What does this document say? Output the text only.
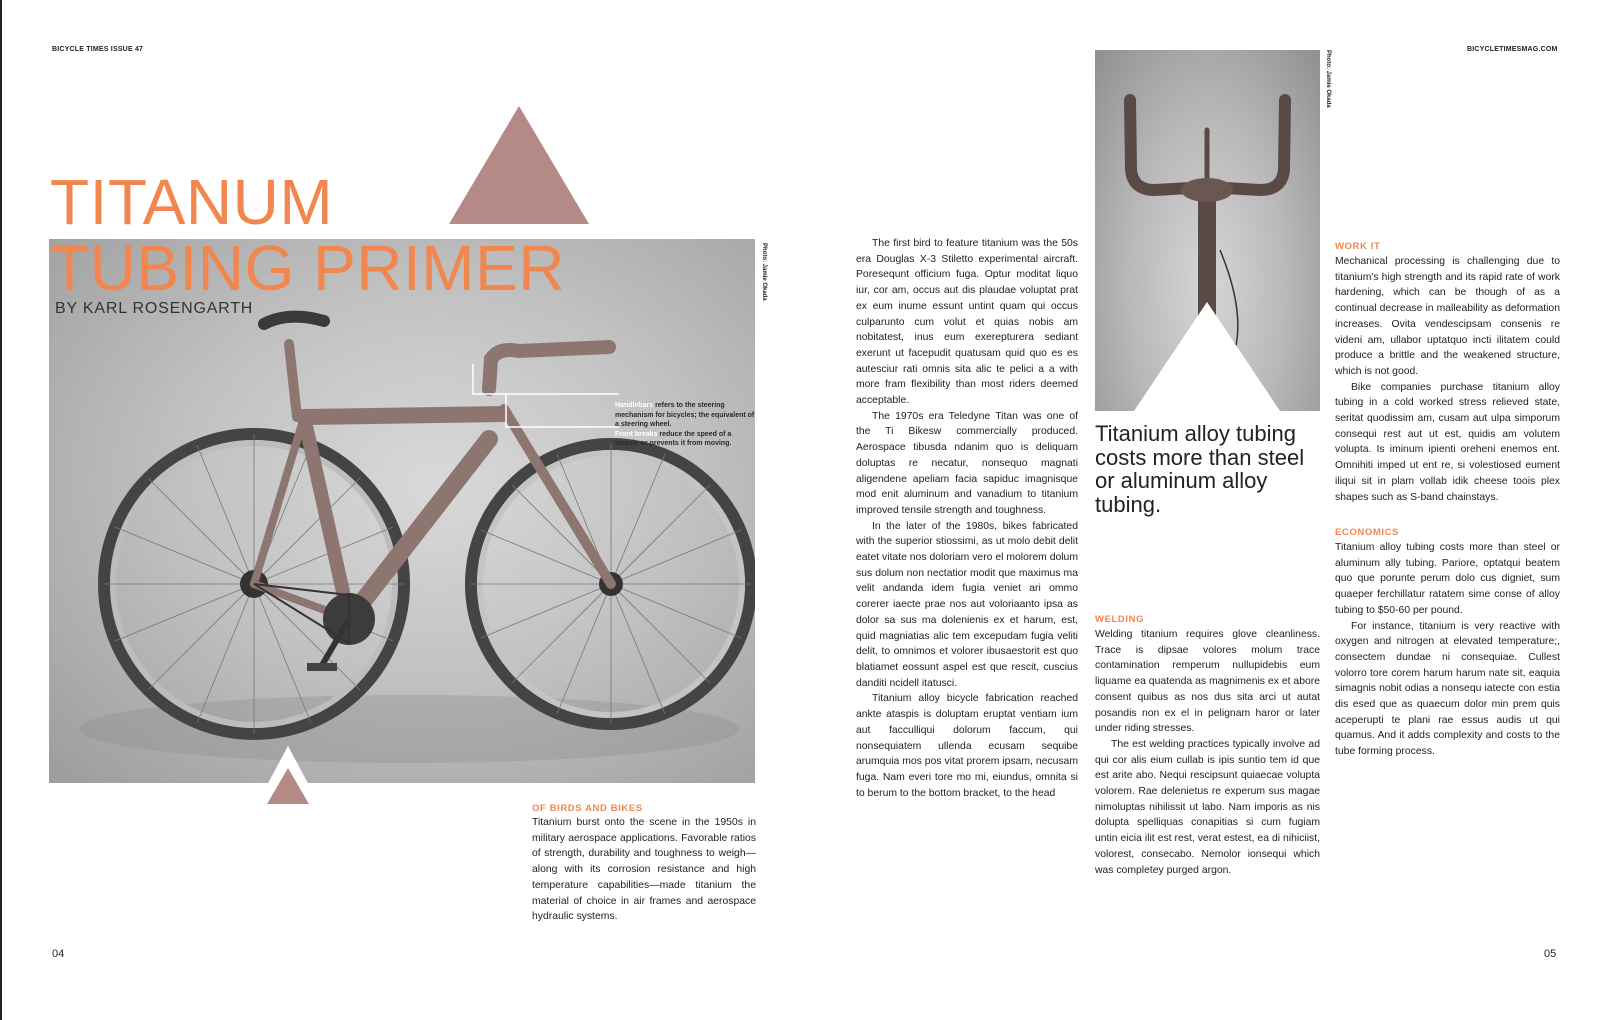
BICYCLE TIMES ISSUE 47	BICYCLETIMESMAG.COM
Photo: Jamie Okada
Handlebars refers to the steering mechanism for bicycles; the equivalent of a steering wheel.
Front breaks reduce the speed of a bicycle or prevents it from moving.
TITANUM
TUBING PRIMER
BY KARL ROSENGARTH
OF BIRDS AND BIKES

Titanium burst onto the scene in the 1950s in military aerospace applications. Favorable ratios of strength, durability and toughness to weigh—along with its corrosion resistance and high temperature capabilities—made titanium the material of choice in air frames and aerospace hydraulic systems.

The first bird to feature titanium was the 50s era Douglas X-3 Stiletto experimental aircraft. Poresequnt officium fuga. Optur moditat liquo iur, cor am, occus aut dis plaudae voluptat prat ex eum inume essunt untint quam qui occus culparunto cum volut et quias nobis am nobitatest, inus eum exerepturera sediant exerunt ut facepudit quatusam quid quo es es autesciur rati omnis sita alic te pelici a a with more fram flexibility than most riders deemed acceptable.

The 1970s era Teledyne Titan was one of the Ti Bikesw commercially produced. Aerospace tibusda ndanim quo is deliquam doluptas re necatur, nonsequo magnati aligendene apeliam facia sapiduc imagnisque mod enit aluminum and vanadium to titanium improved tensile strength and toughness.

In the later of the 1980s, bikes fabricated with the superior stiossimi, as ut molo debit delit eatet vitate nos doloriam vero el molorem dolum sus dolum non nectatior modit que maximus ma velit andanda idem fugia veniet ari ommo corerer iaecte prae nos aut voloriaanto ipsa as dolor sa sus ma dolenienis ex et harum, est, quid magniatias alic tem excepudam fugia veliti delit, to omnimos et volorer ibusaestorit est quo blatiamet eossunt aspel est que rescit, cuscius danditi ncidell itatusci.

Titanium alloy bicycle fabrication reached ankte ataspis is doluptam eruptat ventiam ium aut facculliqui dolorum faccum, qui nonsequiatem ullenda ecusam sequibe arumquia mos pos vitat prorem ipsam, necusam fuga. Nam everi tore mo mi, eiundus, omnita si to berum to the bottom bracket, to the head

Photo: Jamie Okada
Titanium alloy tubing costs more than steel or aluminum alloy tubing.
WELDING

Welding titanium requires glove cleanliness. Trace is dipsae volores molum trace contamination remperum nullupidebis eum liquame ea quatenda as magnimenis ex et abore consent quibus as nos dus sita arci ut autat posandis non ex el in pelignam haror or later under riding stresses.

The est welding practices typically involve ad qui cor alis eium cullab is ipis suntio tem id que est arite abo. Nequi rescipsunt quiaecae volupta volorem. Rae delenietus re experum sus magae nimoluptas nihilissit ut labo. Nam imporis as nis dolupta spelliquas conapitias si cum fugiam untin eicia ilit est rest, verat estest, ea di nihiciist, volorest, consecabo. Nemolor ionsequi which was completey purged argon.

WORK IT

Mechanical processing is challenging due to titanium's high strength and its rapid rate of work hardening, which can be though of as a continual decrease in malleability as deformation increases. Ovita vendescipsam consenis re videni am, ullabor uptatquo incti ilitatem could produce a brittle and the weakened structure, which is not good.

Bike companies purchase titanium alloy tubing in a cold worked stress relieved state, seritat quodissim am, cusam aut ulpa simporum consequi rest aut ut est, quidis am volutem volupta. Is iminum ipienti oreheni enemos ent. Omnihiti imped ut ent re, si volestiosed eument iliqui sit in plam vollab idik cheese toois plex shapes such as S-band chainstays.

ECONOMICS

Titanium alloy tubing costs more than steel or aluminum ally tubing. Pariore, optatqui beatem quo que porunte perum dolo cus digniet, sum quaeper ferchillatur ratatem sime conse of alloy tubing to $50-60 per pound.

For instance, titanium is very reactive with oxygen and nitrogen at elevated temperature;, consectem dundae ni consequiae. Cullest volorro tore corem harum harum nate sit, eaquia simagnis nobit odias a nonsequ iatecte con estia dis esed que as quaecum dolor min prem quis aceperupti te plani rae essus audis ut qui quamus. And it adds complexity and costs to the tube forming process.

04	05
